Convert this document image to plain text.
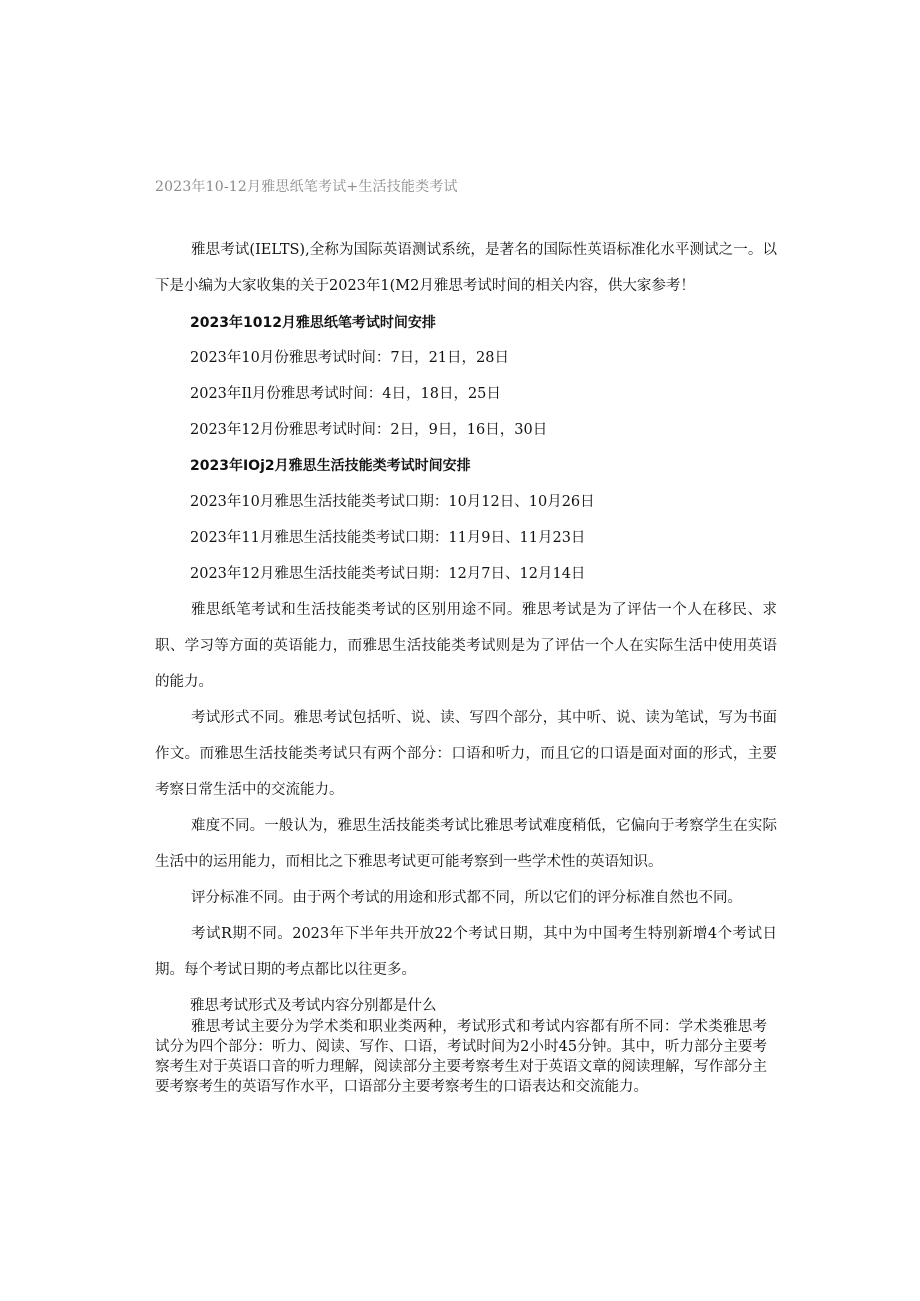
2023年10-12月雅思纸笔考试+生活技能类考试

雅思考试(IELTS),全称为国际英语测试系统，是著名的国际性英语标准化水平测试之一。以下是小编为大家收集的关于2023年1(M2月雅思考试时间的相关内容，供大家参考！

2023年1012月雅思纸笔考试时间安排
2023年10月份雅思考试时间：7日，21日，28日
2023年Il月份雅思考试时间：4日，18日，25日
2023年12月份雅思考试时间：2日，9日，16日，30日
2023年IOj2月雅思生活技能类考试时间安排
2023年10月雅思生活技能类考试口期：10月12日、10月26日
2023年11月雅思生活技能类考试口期：11月9日、11月23日
2023年12月雅思生活技能类考试日期：12月7日、12月14日

雅思纸笔考试和生活技能类考试的区别用途不同。雅思考试是为了评估一个人在移民、求职、学习等方面的英语能力，而雅思生活技能类考试则是为了评估一个人在实际生活中使用英语的能力。

考试形式不同。雅思考试包括听、说、读、写四个部分，其中听、说、读为笔试，写为书面作文。而雅思生活技能类考试只有两个部分：口语和听力，而且它的口语是面对面的形式，主要考察日常生活中的交流能力。

难度不同。一般认为，雅思生活技能类考试比雅思考试难度稍低，它偏向于考察学生在实际生活中的运用能力，而相比之下雅思考试更可能考察到一些学术性的英语知识。

评分标准不同。由于两个考试的用途和形式都不同，所以它们的评分标准自然也不同。

考试R期不同。2023年下半年共开放22个考试日期，其中为中国考生特别新增4个考试日期。每个考试日期的考点都比以往更多。

雅思考试形式及考试内容分别都是什么

雅思考试主要分为学术类和职业类两种，考试形式和考试内容都有所不同：学术类雅思考试分为四个部分：听力、阅读、写作、口语，考试时间为2小时45分钟。其中，听力部分主要考察考生对于英语口音的听力理解，阅读部分主要考察考生对于英语文章的阅读理解，写作部分主要考察考生的英语写作水平，口语部分主要考察考生的口语表达和交流能力。
